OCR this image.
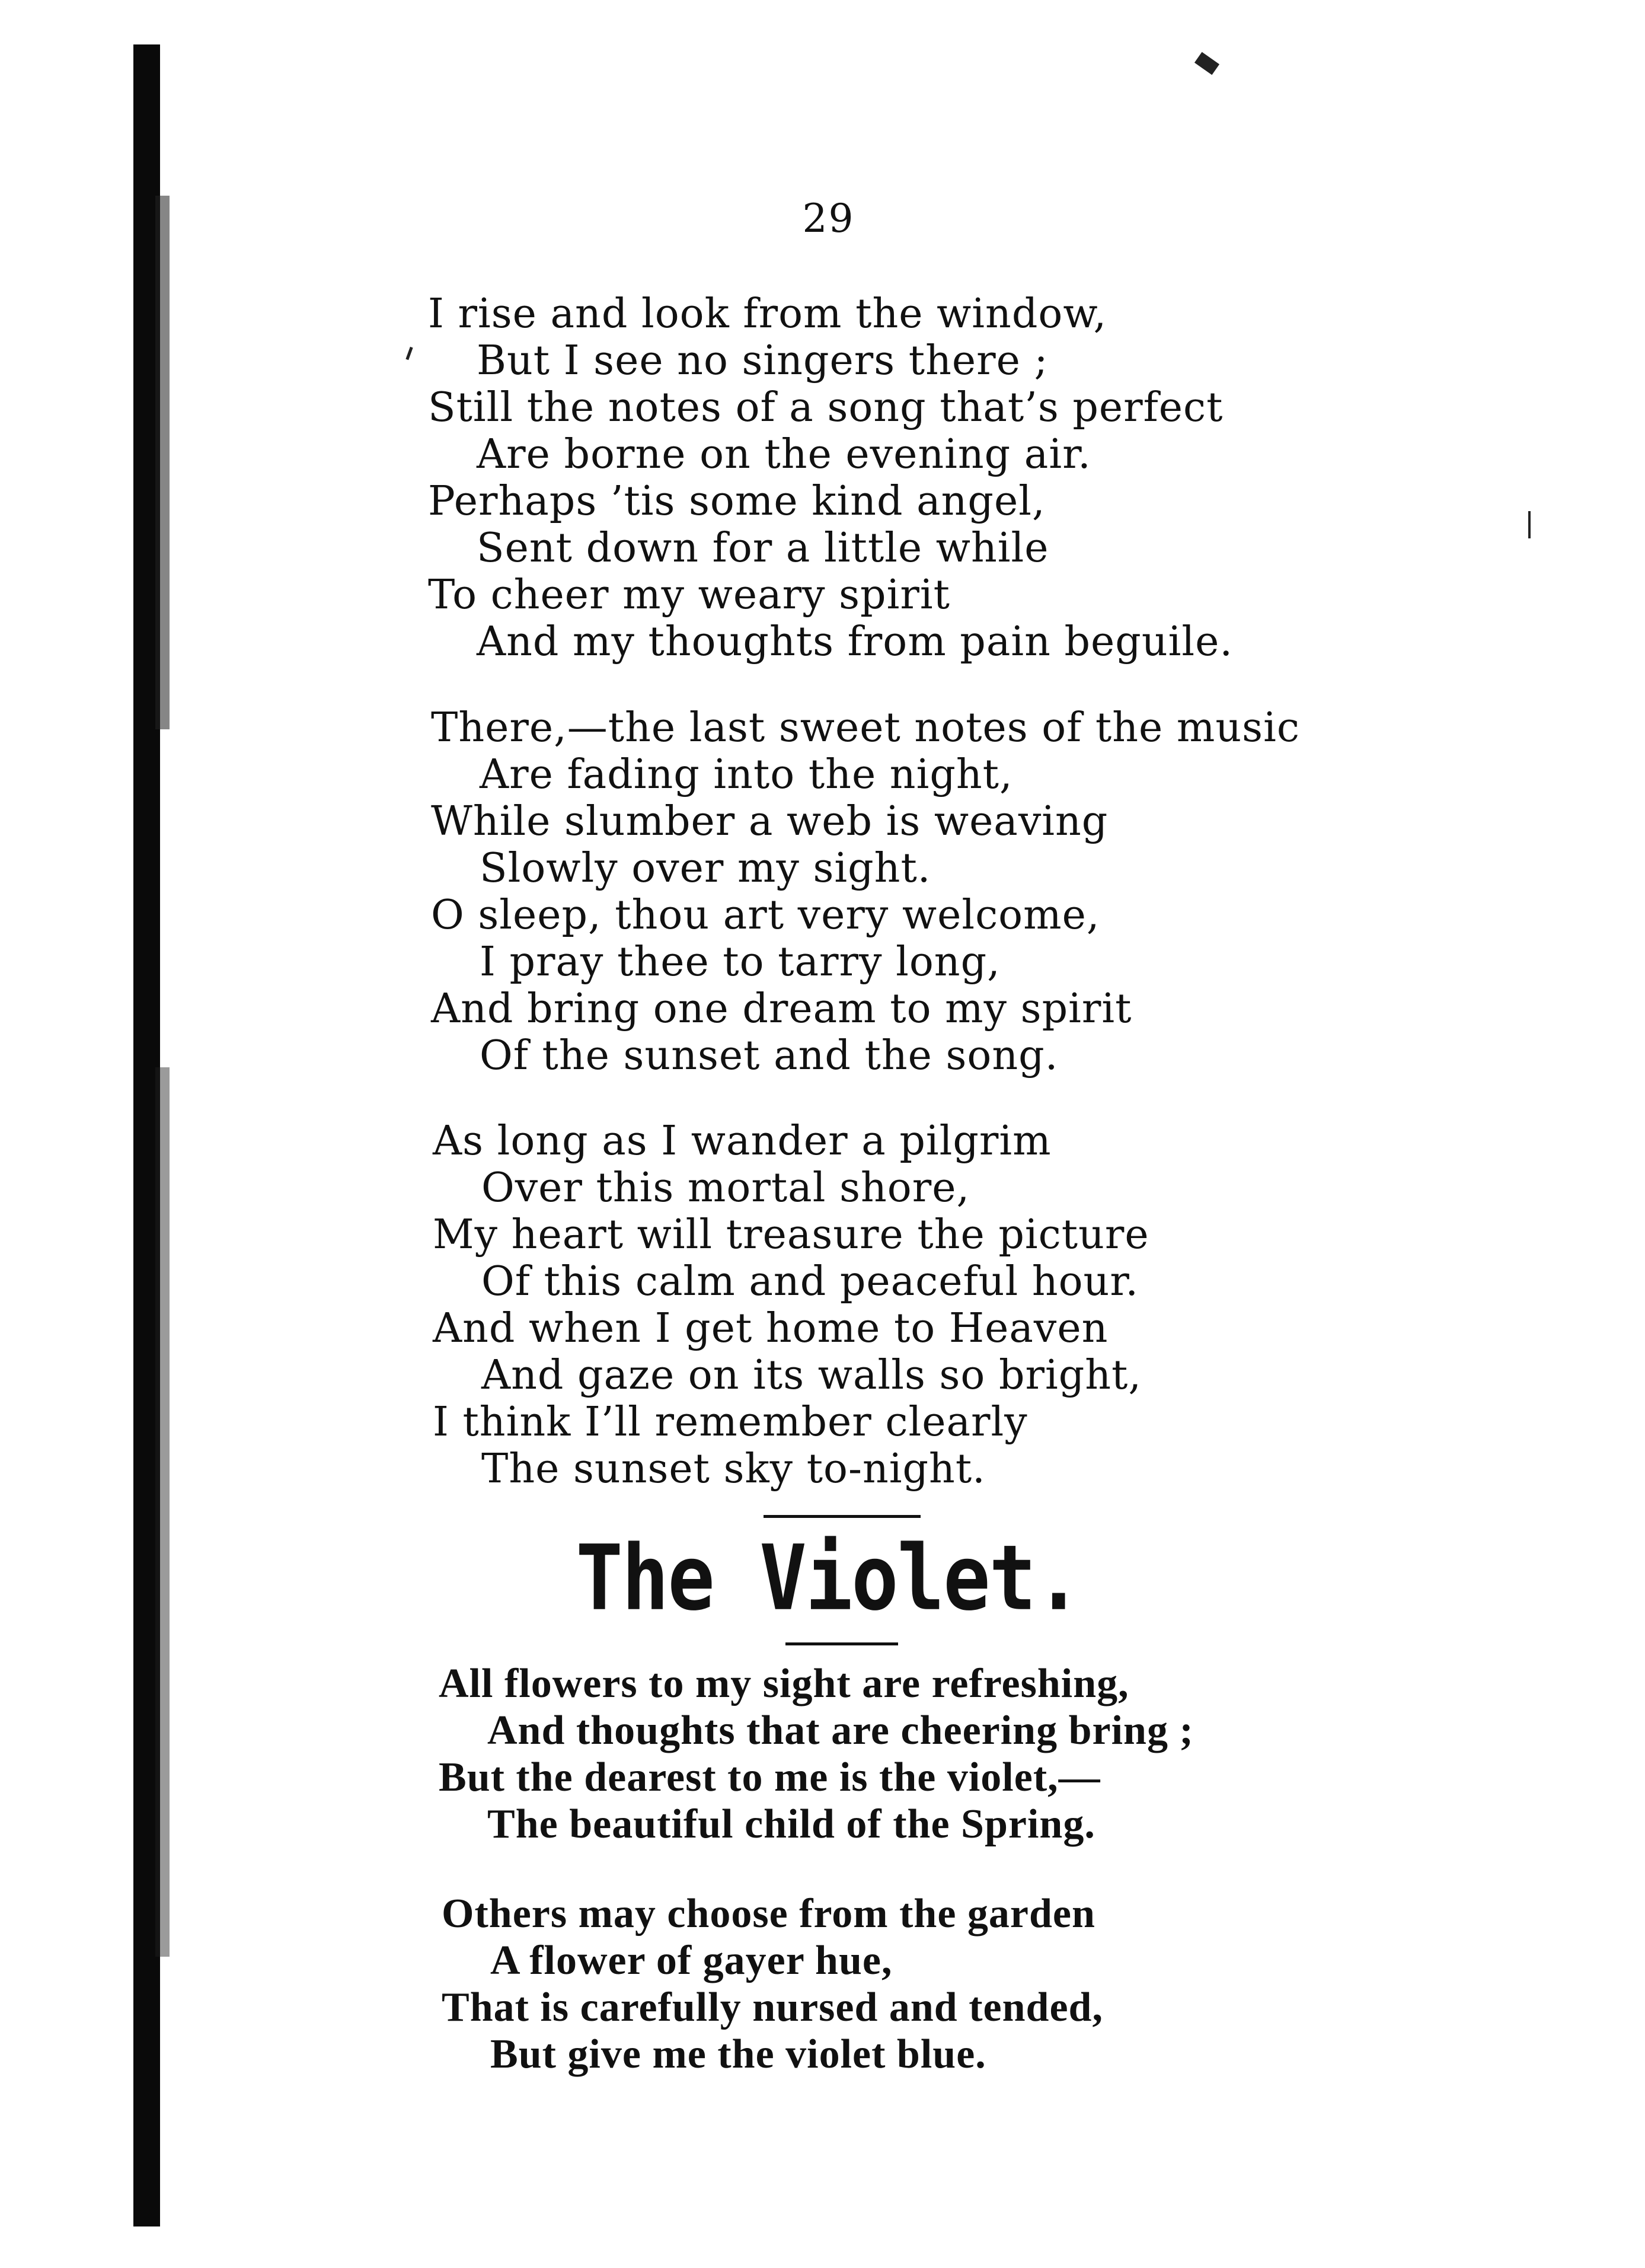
29
I rise and look from the window,
But I see no singers there ;
Still the notes of a song that’s perfect
Are borne on the evening air.
Perhaps ’tis some kind angel,
Sent down for a little while
To cheer my weary spirit
And my thoughts from pain beguile.
There,—the last sweet notes of the music
Are fading into the night,
While slumber a web is weaving
Slowly over my sight.
O sleep, thou art very welcome,
I pray thee to tarry long,
And bring one dream to my spirit
Of the sunset and the song.
As long as I wander a pilgrim
Over this mortal shore,
My heart will treasure the picture
Of this calm and peaceful hour.
And when I get home to Heaven
And gaze on its walls so bright,
I think I’ll remember clearly
The sunset sky to-night.
The Violet.
All flowers to my sight are refreshing,
And thoughts that are cheering bring ;
But the dearest to me is the violet,—
The beautiful child of the Spring.
Others may choose from the garden
A flower of gayer hue,
That is carefully nursed and tended,
But give me the violet blue.
